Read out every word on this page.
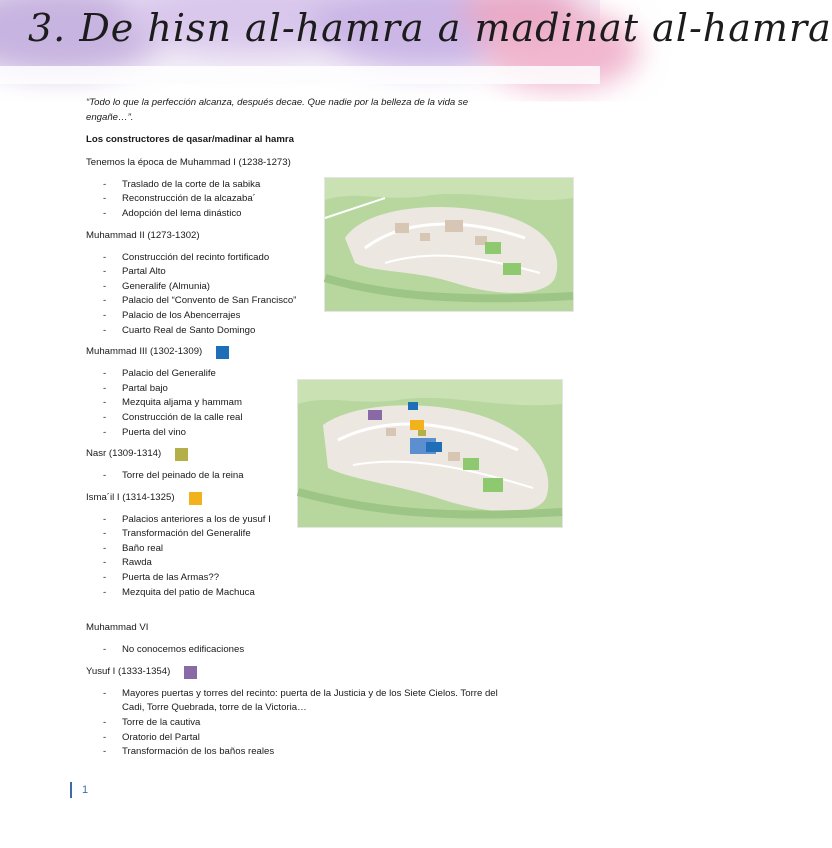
3. De hisn al-hamra a madinat al-hamra
“Todo lo que la perfección alcanza, después decae. Que nadie por la belleza de la vida se engañe…”.
Los constructores de qasar/madinar al hamra
Tenemos la época de Muhammad I (1238-1273)
- Traslado de la corte de la sabika
- Reconstrucción de la alcazaba´
- Adopción del lema dinástico
Muhammad II (1273-1302)
- Construcción del recinto fortificado
- Partal Alto
- Generalife (Almunia)
- Palacio del “Convento de San Francisco”
- Palacio de los Abencerrajes
- Cuarto Real de Santo Domingo
Muhammad III (1302-1309)
- Palacio del Generalife
- Partal bajo
- Mezquita aljama y hammam
- Construcción de la calle real
- Puerta del vino
Nasr (1309-1314)
- Torre del peinado de la reina
Isma´il I (1314-1325)
- Palacios anteriores a los de yusuf I
- Transformación del Generalife
- Baño real
- Rawda
- Puerta de las Armas??
- Mezquita del patio de Machuca
Muhammad VI
- No conocemos edificaciones
Yusuf I (1333-1354)
- Mayores puertas y torres del recinto: puerta de la Justicia y de los Siete Cielos. Torre del Cadi, Torre Quebrada, torre de la Victoria…
- Torre de la cautiva
- Oratorio del Partal
- Transformación de los baños reales
1
